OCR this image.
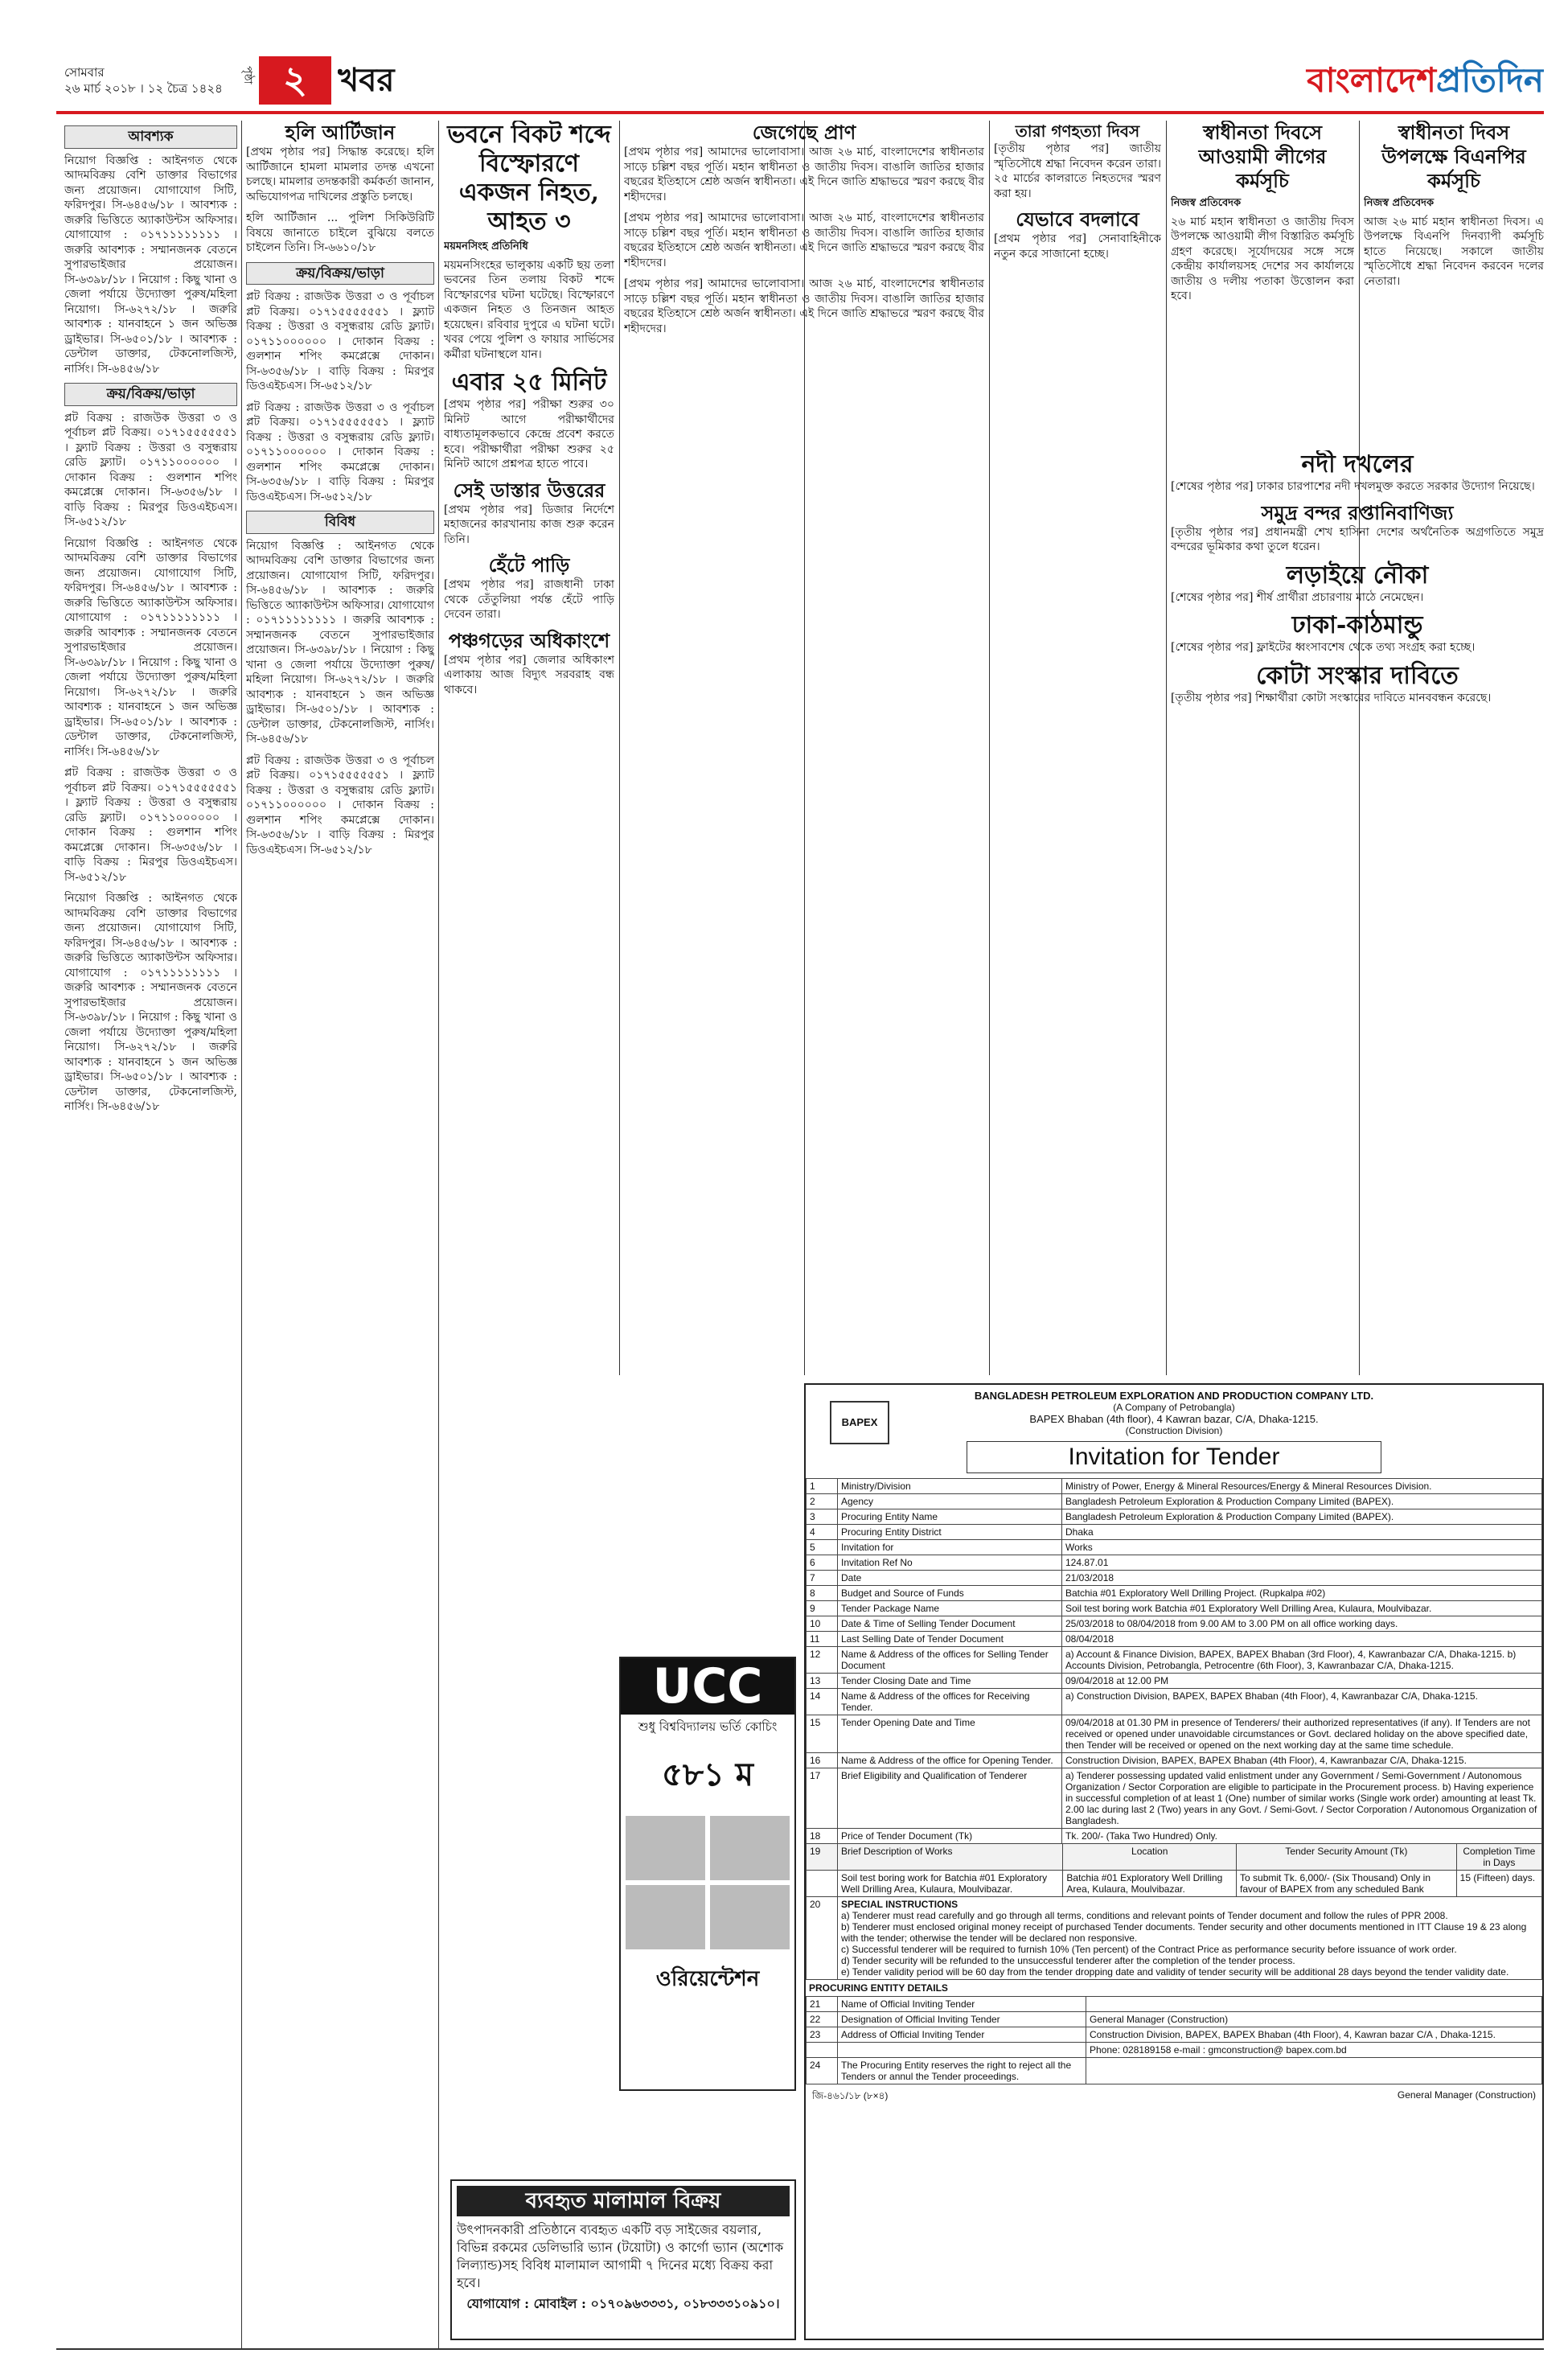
সোমবার
২৬ মার্চ ২০১৮ । ১২ চৈত্র ১৪২৪
পৃষ্ঠা ২ খবর	বাংলাদেশপ্রতিদিন
আবশ্যক

নিয়োগ বিজ্ঞপ্তি : আইনগত থেকে আদমবিক্রয় বেশি ডাক্তার বিভাগের জন্য প্রয়োজন। যোগাযোগ সিটি, ফরিদপুর। সি-৬৪৫৬/১৮ । আবশ্যক : জরুরি ভিত্তিতে অ্যাকাউন্টস অফিসার। যোগাযোগ : ০১৭১১১১১১১১ । জরুরি আবশ্যক : সম্মানজনক বেতনে সুপারভাইজার প্রয়োজন। সি-৬৩৯৮/১৮ । নিয়োগ : কিছু খানা ও জেলা পর্যায়ে উদ্যোক্তা পুরুষ/মহিলা নিয়োগ। সি-৬২৭২/১৮ । জরুরি আবশ্যক : যানবাহনে ১ জন অভিজ্ঞ ড্রাইভার। সি-৬৫০১/১৮ । আবশ্যক : ডেন্টাল ডাক্তার, টেকনোলজিস্ট, নার্সিং। সি-৬৪৫৬/১৮

ক্রয়/বিক্রয়/ভাড়া

প্লট বিক্রয় : রাজউক উত্তরা ৩ ও পূর্বাচল প্লট বিক্রয়। ০১৭১৫৫৫৫৫৫১ । ফ্ল্যাট বিক্রয় : উত্তরা ও বসুন্ধরায় রেডি ফ্ল্যাট। ০১৭১১০০০০০০ । দোকান বিক্রয় : গুলশান শপিং কমপ্লেক্সে দোকান। সি-৬৩৫৬/১৮ । বাড়ি বিক্রয় : মিরপুর ডিওএইচএস। সি-৬৫১২/১৮

নিয়োগ বিজ্ঞপ্তি : আইনগত থেকে আদমবিক্রয় বেশি ডাক্তার বিভাগের জন্য প্রয়োজন। যোগাযোগ সিটি, ফরিদপুর। সি-৬৪৫৬/১৮ । আবশ্যক : জরুরি ভিত্তিতে অ্যাকাউন্টস অফিসার। যোগাযোগ : ০১৭১১১১১১১১ । জরুরি আবশ্যক : সম্মানজনক বেতনে সুপারভাইজার প্রয়োজন। সি-৬৩৯৮/১৮ । নিয়োগ : কিছু খানা ও জেলা পর্যায়ে উদ্যোক্তা পুরুষ/মহিলা নিয়োগ। সি-৬২৭২/১৮ । জরুরি আবশ্যক : যানবাহনে ১ জন অভিজ্ঞ ড্রাইভার। সি-৬৫০১/১৮ । আবশ্যক : ডেন্টাল ডাক্তার, টেকনোলজিস্ট, নার্সিং। সি-৬৪৫৬/১৮

প্লট বিক্রয় : রাজউক উত্তরা ৩ ও পূর্বাচল প্লট বিক্রয়। ০১৭১৫৫৫৫৫৫১ । ফ্ল্যাট বিক্রয় : উত্তরা ও বসুন্ধরায় রেডি ফ্ল্যাট। ০১৭১১০০০০০০ । দোকান বিক্রয় : গুলশান শপিং কমপ্লেক্সে দোকান। সি-৬৩৫৬/১৮ । বাড়ি বিক্রয় : মিরপুর ডিওএইচএস। সি-৬৫১২/১৮

নিয়োগ বিজ্ঞপ্তি : আইনগত থেকে আদমবিক্রয় বেশি ডাক্তার বিভাগের জন্য প্রয়োজন। যোগাযোগ সিটি, ফরিদপুর। সি-৬৪৫৬/১৮ । আবশ্যক : জরুরি ভিত্তিতে অ্যাকাউন্টস অফিসার। যোগাযোগ : ০১৭১১১১১১১১ । জরুরি আবশ্যক : সম্মানজনক বেতনে সুপারভাইজার প্রয়োজন। সি-৬৩৯৮/১৮ । নিয়োগ : কিছু খানা ও জেলা পর্যায়ে উদ্যোক্তা পুরুষ/মহিলা নিয়োগ। সি-৬২৭২/১৮ । জরুরি আবশ্যক : যানবাহনে ১ জন অভিজ্ঞ ড্রাইভার। সি-৬৫০১/১৮ । আবশ্যক : ডেন্টাল ডাক্তার, টেকনোলজিস্ট, নার্সিং। সি-৬৪৫৬/১৮

হলি আর্টিজান

[প্রথম পৃষ্ঠার পর] সিদ্ধান্ত করেছে। হলি আর্টিজানে হামলা মামলার তদন্ত এখনো চলছে। মামলার তদন্তকারী কর্মকর্তা জানান, অভিযোগপত্র দাখিলের প্রস্তুতি চলছে।

হলি আর্টিজান ... পুলিশ সিকিউরিটি বিষয়ে জানাতে চাইলে বুঝিয়ে বলতে চাইলেন তিনি। সি-৬৬১০/১৮

ক্রয়/বিক্রয়/ভাড়া

প্লট বিক্রয় : রাজউক উত্তরা ৩ ও পূর্বাচল প্লট বিক্রয়। ০১৭১৫৫৫৫৫৫১ । ফ্ল্যাট বিক্রয় : উত্তরা ও বসুন্ধরায় রেডি ফ্ল্যাট। ০১৭১১০০০০০০ । দোকান বিক্রয় : গুলশান শপিং কমপ্লেক্সে দোকান। সি-৬৩৫৬/১৮ । বাড়ি বিক্রয় : মিরপুর ডিওএইচএস। সি-৬৫১২/১৮

প্লট বিক্রয় : রাজউক উত্তরা ৩ ও পূর্বাচল প্লট বিক্রয়। ০১৭১৫৫৫৫৫৫১ । ফ্ল্যাট বিক্রয় : উত্তরা ও বসুন্ধরায় রেডি ফ্ল্যাট। ০১৭১১০০০০০০ । দোকান বিক্রয় : গুলশান শপিং কমপ্লেক্সে দোকান। সি-৬৩৫৬/১৮ । বাড়ি বিক্রয় : মিরপুর ডিওএইচএস। সি-৬৫১২/১৮

বিবিধ

নিয়োগ বিজ্ঞপ্তি : আইনগত থেকে আদমবিক্রয় বেশি ডাক্তার বিভাগের জন্য প্রয়োজন। যোগাযোগ সিটি, ফরিদপুর। সি-৬৪৫৬/১৮ । আবশ্যক : জরুরি ভিত্তিতে অ্যাকাউন্টস অফিসার। যোগাযোগ : ০১৭১১১১১১১১ । জরুরি আবশ্যক : সম্মানজনক বেতনে সুপারভাইজার প্রয়োজন। সি-৬৩৯৮/১৮ । নিয়োগ : কিছু খানা ও জেলা পর্যায়ে উদ্যোক্তা পুরুষ/মহিলা নিয়োগ। সি-৬২৭২/১৮ । জরুরি আবশ্যক : যানবাহনে ১ জন অভিজ্ঞ ড্রাইভার। সি-৬৫০১/১৮ । আবশ্যক : ডেন্টাল ডাক্তার, টেকনোলজিস্ট, নার্সিং। সি-৬৪৫৬/১৮

প্লট বিক্রয় : রাজউক উত্তরা ৩ ও পূর্বাচল প্লট বিক্রয়। ০১৭১৫৫৫৫৫৫১ । ফ্ল্যাট বিক্রয় : উত্তরা ও বসুন্ধরায় রেডি ফ্ল্যাট। ০১৭১১০০০০০০ । দোকান বিক্রয় : গুলশান শপিং কমপ্লেক্সে দোকান। সি-৬৩৫৬/১৮ । বাড়ি বিক্রয় : মিরপুর ডিওএইচএস। সি-৬৫১২/১৮

ভবনে বিকট শব্দে বিস্ফোরণে একজন নিহত, আহত ৩
ময়মনসিংহ প্রতিনিধি

ময়মনসিংহের ভালুকায় একটি ছয় তলা ভবনের তিন তলায় বিকট শব্দে বিস্ফোরণের ঘটনা ঘটেছে। বিস্ফোরণে একজন নিহত ও তিনজন আহত হয়েছেন। রবিবার দুপুরে এ ঘটনা ঘটে। খবর পেয়ে পুলিশ ও ফায়ার সার্ভিসের কর্মীরা ঘটনাস্থলে যান।

এবার ২৫ মিনিট

[প্রথম পৃষ্ঠার পর] পরীক্ষা শুরুর ৩০ মিনিট আগে পরীক্ষার্থীদের বাধ্যতামূলকভাবে কেন্দ্রে প্রবেশ করতে হবে। পরীক্ষার্থীরা পরীক্ষা শুরুর ২৫ মিনিট আগে প্রশ্নপত্র হাতে পাবে।

সেই ডাস্তার উত্তরের

[প্রথম পৃষ্ঠার পর] ডিজার নির্দেশে মহাজনের কারখানায় কাজ শুরু করেন তিনি।

হেঁটে পাড়ি

[প্রথম পৃষ্ঠার পর] রাজধানী ঢাকা থেকে তেঁতুলিয়া পর্যন্ত হেঁটে পাড়ি দেবেন তারা।

পঞ্চগড়ের অধিকাংশে

[প্রথম পৃষ্ঠার পর] জেলার অধিকাংশ এলাকায় আজ বিদ্যুৎ সরবরাহ বন্ধ থাকবে।

জেগেছে প্রাণ

[প্রথম পৃষ্ঠার পর] আমাদের ভালোবাসা। আজ ২৬ মার্চ, বাংলাদেশের স্বাধীনতার সাড়ে চল্লিশ বছর পূর্তি। মহান স্বাধীনতা ও জাতীয় দিবস। বাঙালি জাতির হাজার বছরের ইতিহাসে শ্রেষ্ঠ অর্জন স্বাধীনতা। এই দিনে জাতি শ্রদ্ধাভরে স্মরণ করছে বীর শহীদদের।

[প্রথম পৃষ্ঠার পর] আমাদের ভালোবাসা। আজ ২৬ মার্চ, বাংলাদেশের স্বাধীনতার সাড়ে চল্লিশ বছর পূর্তি। মহান স্বাধীনতা ও জাতীয় দিবস। বাঙালি জাতির হাজার বছরের ইতিহাসে শ্রেষ্ঠ অর্জন স্বাধীনতা। এই দিনে জাতি শ্রদ্ধাভরে স্মরণ করছে বীর শহীদদের।

[প্রথম পৃষ্ঠার পর] আমাদের ভালোবাসা। আজ ২৬ মার্চ, বাংলাদেশের স্বাধীনতার সাড়ে চল্লিশ বছর পূর্তি। মহান স্বাধীনতা ও জাতীয় দিবস। বাঙালি জাতির হাজার বছরের ইতিহাসে শ্রেষ্ঠ অর্জন স্বাধীনতা। এই দিনে জাতি শ্রদ্ধাভরে স্মরণ করছে বীর শহীদদের।

তারা গণহত্যা দিবস

[তৃতীয় পৃষ্ঠার পর] জাতীয় স্মৃতিসৌধে শ্রদ্ধা নিবেদন করেন তারা। ২৫ মার্চের কালরাতে নিহতদের স্মরণ করা হয়।

যেভাবে বদলাবে

[প্রথম পৃষ্ঠার পর] সেনাবাহিনীকে নতুন করে সাজানো হচ্ছে।

স্বাধীনতা দিবসে আওয়ামী লীগের কর্মসূচি
নিজস্ব প্রতিবেদক

২৬ মার্চ মহান স্বাধীনতা ও জাতীয় দিবস উপলক্ষে আওয়ামী লীগ বিস্তারিত কর্মসূচি গ্রহণ করেছে। সূর্যোদয়ের সঙ্গে সঙ্গে কেন্দ্রীয় কার্যালয়সহ দেশের সব কার্যালয়ে জাতীয় ও দলীয় পতাকা উত্তোলন করা হবে।

স্বাধীনতা দিবস উপলক্ষে বিএনপির কর্মসূচি
নিজস্ব প্রতিবেদক

আজ ২৬ মার্চ মহান স্বাধীনতা দিবস। এ উপলক্ষে বিএনপি দিনব্যাপী কর্মসূচি হাতে নিয়েছে। সকালে জাতীয় স্মৃতিসৌধে শ্রদ্ধা নিবেদন করবেন দলের নেতারা।

নদী দখলের

[শেষের পৃষ্ঠার পর] ঢাকার চারপাশের নদী দখলমুক্ত করতে সরকার উদ্যোগ নিয়েছে।

সমুদ্র বন্দর রপ্তানিবাণিজ্য

[তৃতীয় পৃষ্ঠার পর] প্রধানমন্ত্রী শেখ হাসিনা দেশের অর্থনৈতিক অগ্রগতিতে সমুদ্র বন্দরের ভূমিকার কথা তুলে ধরেন।

লড়াইয়ে নৌকা

[শেষের পৃষ্ঠার পর] শীর্ষ প্রার্থীরা প্রচারণায় মাঠে নেমেছেন।

ঢাকা-কাঠমান্ডু

[শেষের পৃষ্ঠার পর] ফ্লাইটের ধ্বংসাবশেষ থেকে তথ্য সংগ্রহ করা হচ্ছে।

কোটা সংস্কার দাবিতে

[তৃতীয় পৃষ্ঠার পর] শিক্ষার্থীরা কোটা সংস্কারের দাবিতে মানববন্ধন করেছে।

UCC
শুধু বিশ্ববিদ্যালয় ভর্তি কোচিং
৫৮১ ম
ওরিয়েন্টেশন
ব্যবহৃত মালামাল বিক্রয়
উৎপাদনকারী প্রতিষ্ঠানে ব্যবহৃত একটি বড় সাইজের বয়লার, বিভিন্ন রকমের ডেলিভারি ভ্যান (টয়োটা) ও কার্গো ভ্যান (অশোক লিল্যান্ড)সহ বিবিধ মালামাল আগামী ৭ দিনের মধ্যে বিক্রয় করা হবে।
যোগাযোগ : মোবাইল : ০১৭০৯৬৩৩৩১, ০১৮৩৩৩১০৯১০।
BAPEX
BANGLADESH PETROLEUM EXPLORATION AND PRODUCTION COMPANY LTD.
(A Company of Petrobangla)
BAPEX Bhaban (4th floor), 4 Kawran bazar, C/A, Dhaka-1215.
(Construction Division)
Invitation for Tender
1	Ministry/Division	Ministry of Power, Energy & Mineral Resources/Energy & Mineral Resources Division.
2	Agency	Bangladesh Petroleum Exploration & Production Company Limited (BAPEX).
3	Procuring Entity Name	Bangladesh Petroleum Exploration & Production Company Limited (BAPEX).
4	Procuring Entity District	Dhaka
5	Invitation for	Works
6	Invitation Ref No	124.87.01
7	Date	21/03/2018
8	Budget and Source of Funds	Batchia #01 Exploratory Well Drilling Project. (Rupkalpa #02)
9	Tender Package Name	Soil test boring work Batchia #01 Exploratory Well Drilling Area, Kulaura, Moulvibazar.
10	Date & Time of Selling Tender Document	25/03/2018 to 08/04/2018 from 9.00 AM to 3.00 PM on all office working days.
11	Last Selling Date of Tender Document	08/04/2018
12	Name & Address of the offices for Selling Tender Document	a) Account & Finance Division, BAPEX, BAPEX Bhaban (3rd Floor), 4, Kawranbazar C/A, Dhaka-1215. b) Accounts Division, Petrobangla, Petrocentre (6th Floor), 3, Kawranbazar C/A, Dhaka-1215.
13	Tender Closing Date and Time	09/04/2018 at 12.00 PM
14	Name & Address of the offices for Receiving Tender.	a) Construction Division, BAPEX, BAPEX Bhaban (4th Floor), 4, Kawranbazar C/A, Dhaka-1215.
15	Tender Opening Date and Time	09/04/2018 at 01.30 PM in presence of Tenderers/ their authorized representatives (if any). If Tenders are not received or opened under unavoidable circumstances or Govt. declared holiday on the above specified date, then Tender will be received or opened on the next working day at the same time schedule.
16	Name & Address of the office for Opening Tender.	Construction Division, BAPEX, BAPEX Bhaban (4th Floor), 4, Kawranbazar C/A, Dhaka-1215.
17	Brief Eligibility and Qualification of Tenderer	a) Tenderer possessing updated valid enlistment under any Government / Semi-Government / Autonomous Organization / Sector Corporation are eligible to participate in the Procurement process. b) Having experience in successful completion of at least 1 (One) number of similar works (Single work order) amounting at least Tk. 2.00 lac during last 2 (Two) years in any Govt. / Semi-Govt. / Sector Corporation / Autonomous Organization of Bangladesh.
18	Price of Tender Document (Tk)	Tk. 200/- (Taka Two Hundred) Only.
19	Brief Description of Works	Location	Tender Security Amount (Tk)	Completion Time in Days
	Soil test boring work for Batchia #01 Exploratory Well Drilling Area, Kulaura, Moulvibazar.	Batchia #01 Exploratory Well Drilling Area, Kulaura, Moulvibazar.	To submit Tk. 6,000/- (Six Thousand) Only in favour of BAPEX from any scheduled Bank	15 (Fifteen) days.
20	SPECIAL INSTRUCTIONS
a) Tenderer must read carefully and go through all terms, conditions and relevant points of Tender document and follow the rules of PPR 2008.
b) Tenderer must enclosed original money receipt of purchased Tender documents. Tender security and other documents mentioned in ITT Clause 19 & 23 along with the tender; otherwise the tender will be declared non responsive.
c) Successful tenderer will be required to furnish 10% (Ten percent) of the Contract Price as performance security before issuance of work order.
d) Tender security will be refunded to the unsuccessful tenderer after the completion of the tender process.
e) Tender validity period will be 60 day from the tender dropping date and validity of tender security will be additional 28 days beyond the tender validity date.
PROCURING ENTITY DETAILS
21	Name of Official Inviting Tender	
22	Designation of Official Inviting Tender	General Manager (Construction)
23	Address of Official Inviting Tender	Construction Division, BAPEX, BAPEX Bhaban (4th Floor), 4, Kawran bazar C/A , Dhaka-1215.
		Phone: 028189158 e-mail : gmconstruction@ bapex.com.bd
24	The Procuring Entity reserves the right to reject all the Tenders or annul the Tender proceedings.	
জি-৪৬১/১৮ (৮×৪)	General Manager (Construction)
